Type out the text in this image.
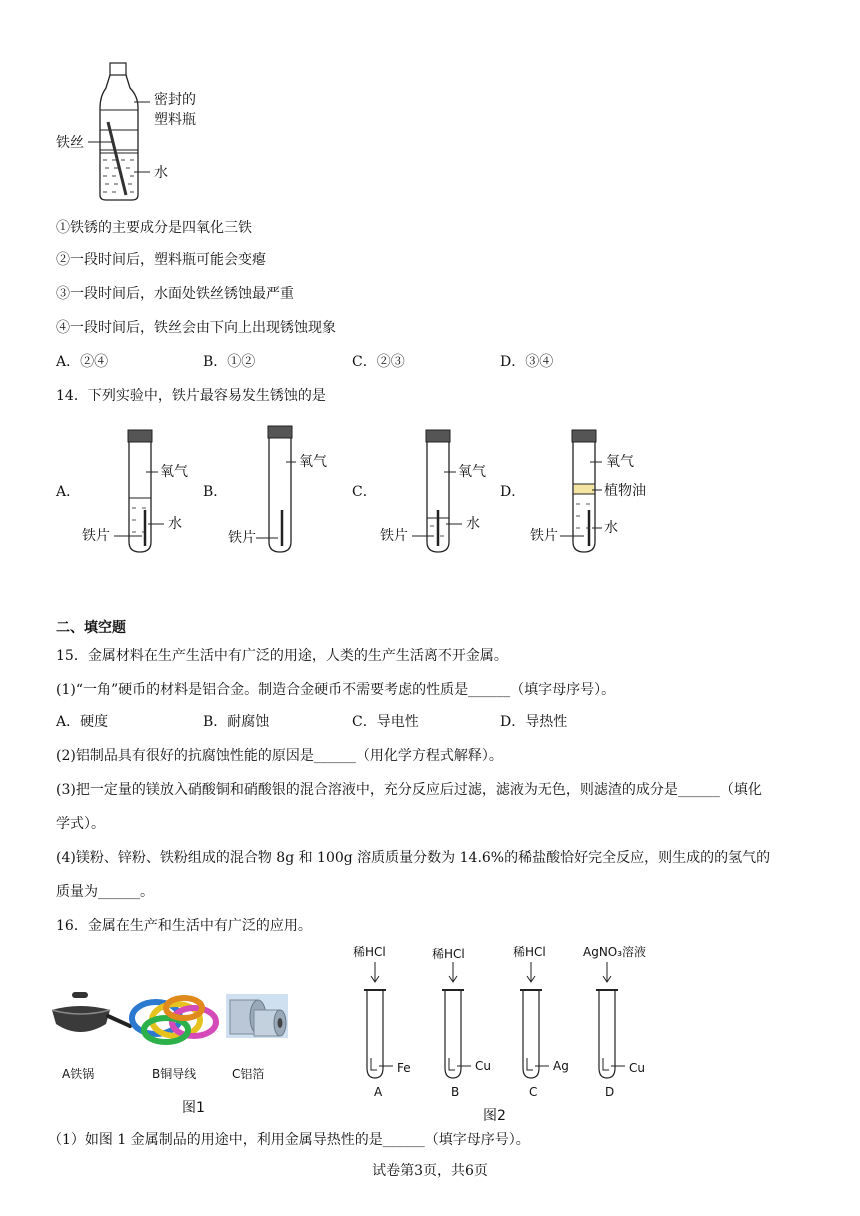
密封的
塑料瓶
铁丝
水
①铁锈的主要成分是四氧化三铁
②一段时间后，塑料瓶可能会变瘪
③一段时间后，水面处铁丝锈蚀最严重
④一段时间后，铁丝会由下向上出现锈蚀现象
A．②④	B．①②	C．②③	D．③④
14．下列实验中，铁片最容易发生锈蚀的是
A．	B．	C．	D．
氧气
水
铁片
氧气
铁片
氧气
水
铁片
氧气
植物油
水
铁片
二、填空题
15．金属材料在生产生活中有广泛的用途，人类的生产生活离不开金属。
(1)“一角”硬币的材料是铝合金。制造合金硬币不需要考虑的性质是______（填字母序号）。
A．硬度	B．耐腐蚀	C．导电性	D．导热性
(2)铝制品具有很好的抗腐蚀性能的原因是______（用化学方程式解释）。
(3)把一定量的镁放入硝酸铜和硝酸银的混合溶液中，充分反应后过滤，滤液为无色，则滤渣的成分是______（填化
学式）。
(4)镁粉、锌粉、铁粉组成的混合物 8g 和 100g 溶质质量分数为 14.6%的稀盐酸恰好完全反应，则生成的的氢气的
质量为______。
16．金属在生产和生活中有广泛的应用。
A铁锅	B铜导线	C铝箔
图1
稀HCl	稀HCl	稀HCl	AgNO₃溶液
Fe	Cu	Ag	Cu
A	B	C	D
图2
（1）如图 1 金属制品的用途中，利用金属导热性的是______（填字母序号）。
试卷第3页，共6页
